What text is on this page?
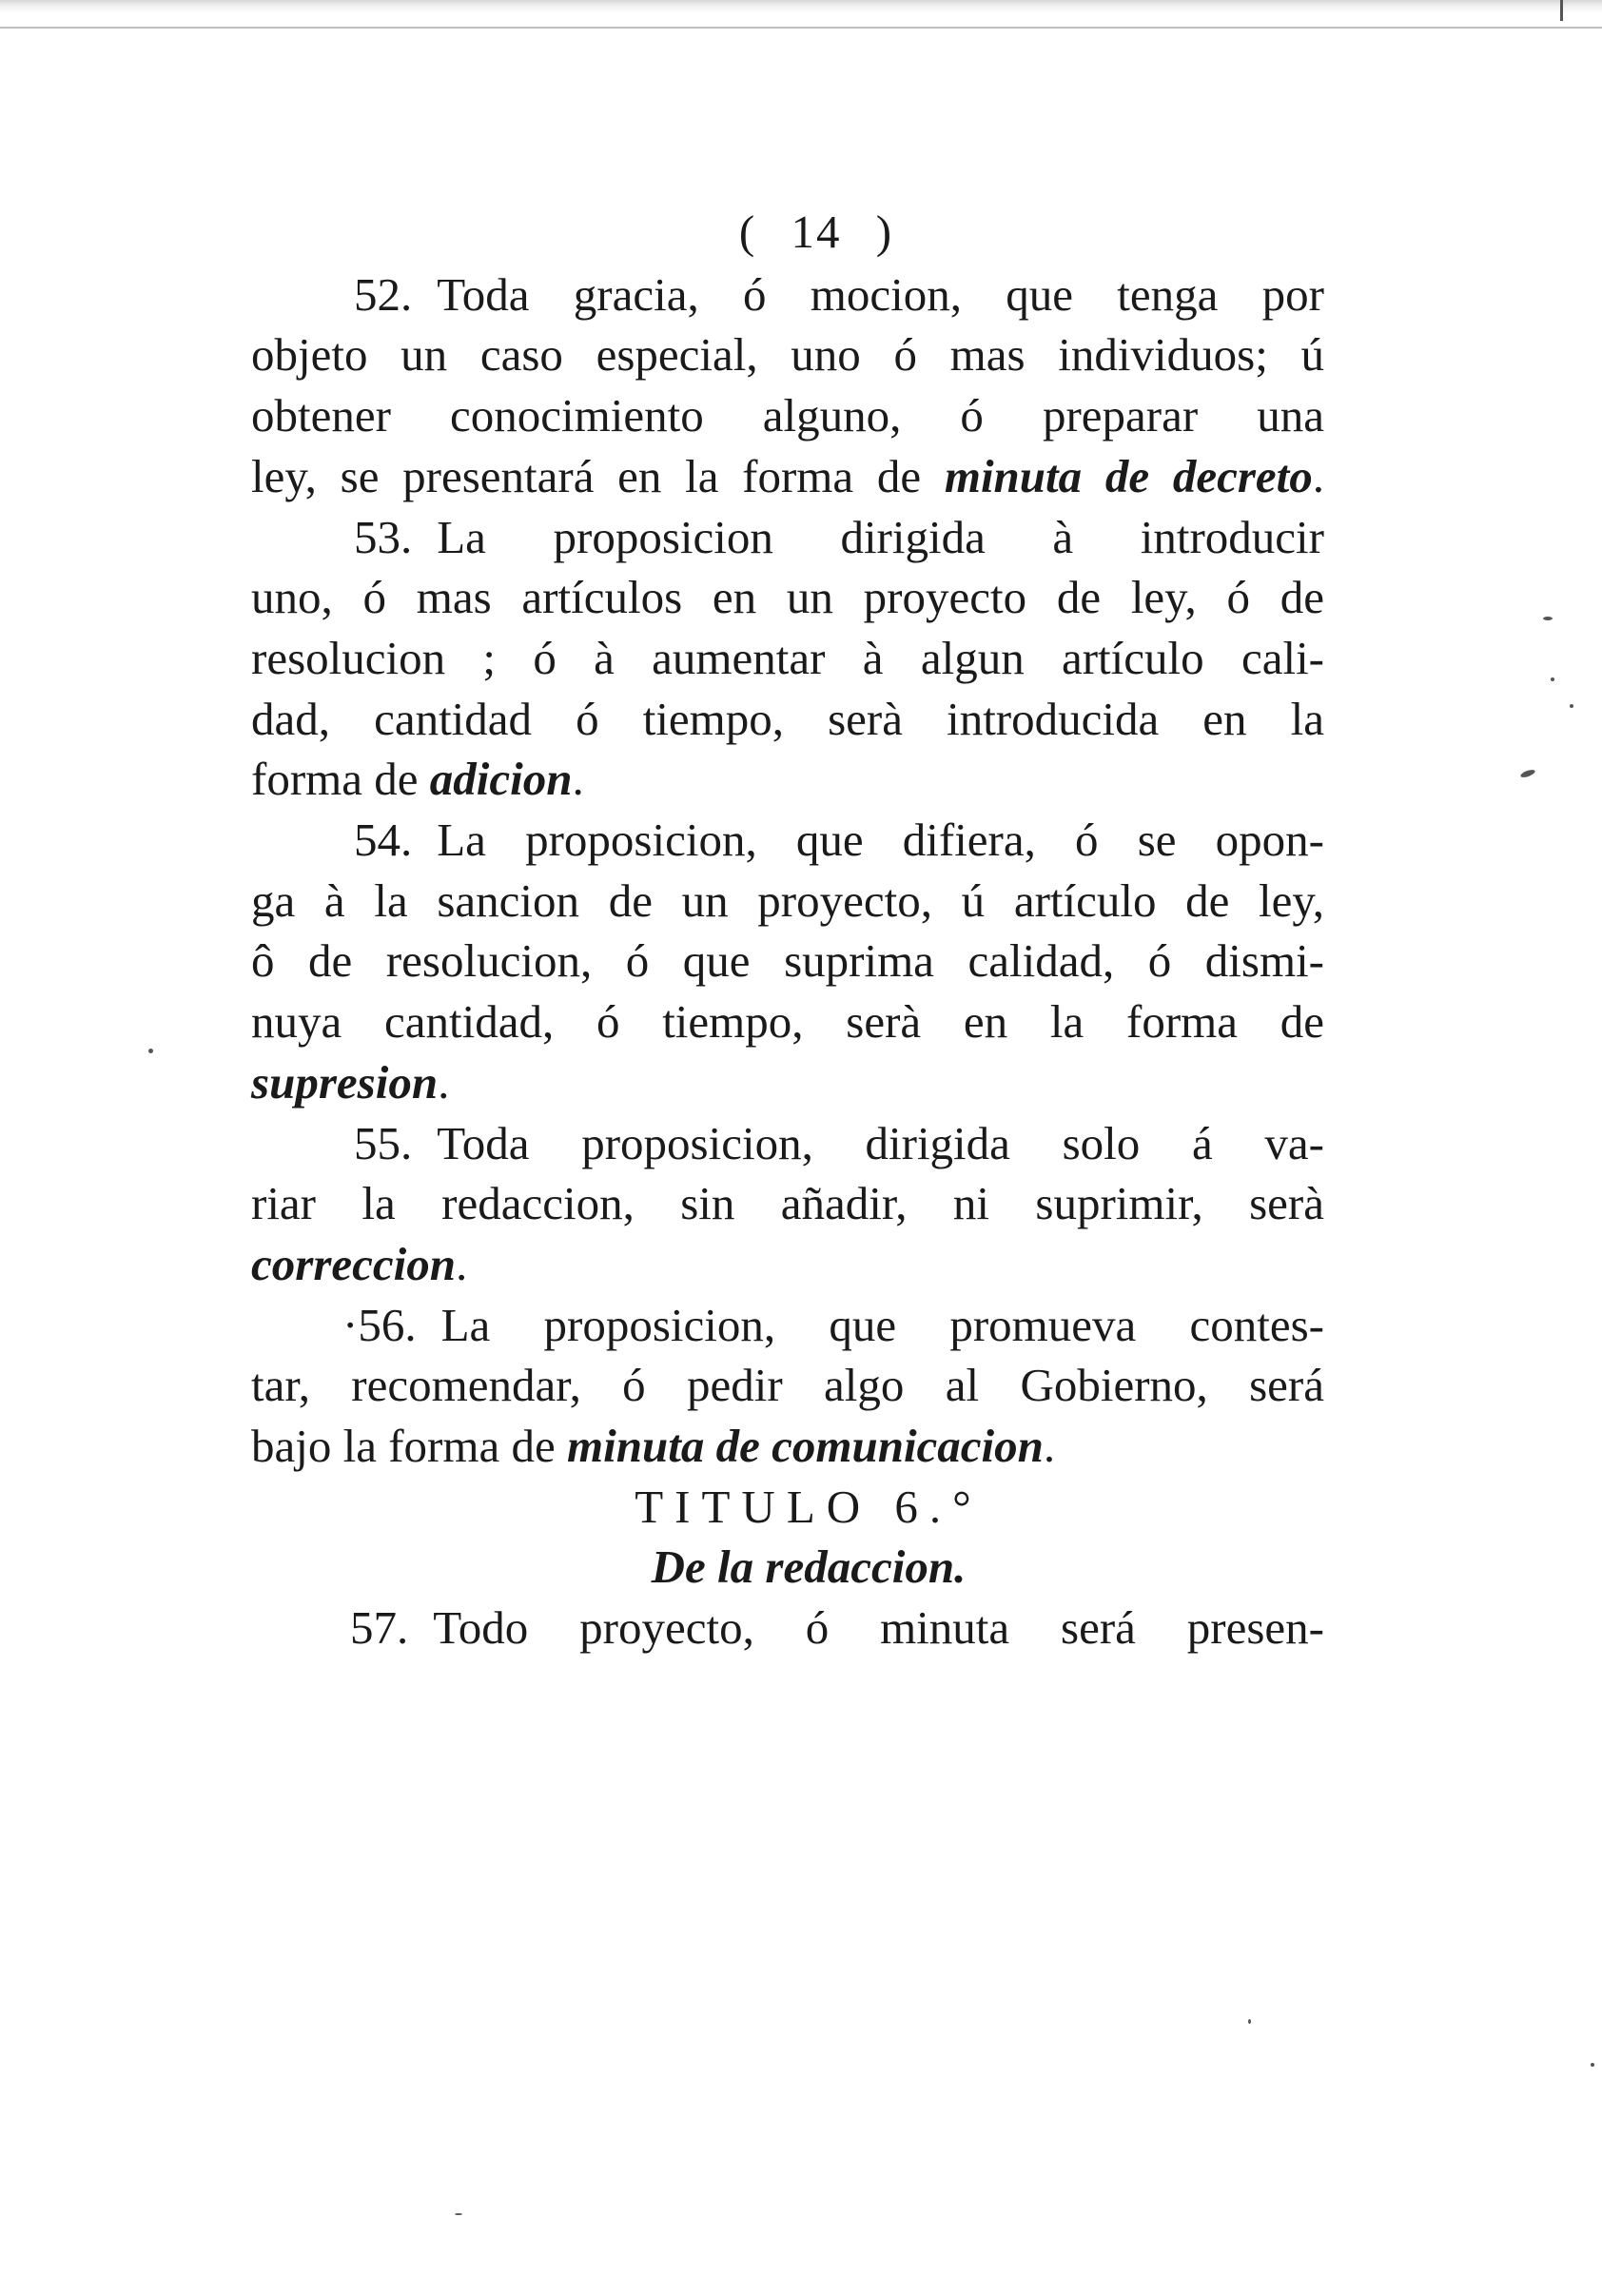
( 14 )

52. Toda gracia, ó mocion, que tenga por

objeto un caso especial, uno ó mas individuos; ú

obtener conocimiento alguno, ó preparar una

ley, se presentará en la forma de minuta de decreto.

53. La proposicion dirigida à introducir

uno, ó mas artículos en un proyecto de ley, ó de

resolucion ; ó à aumentar à algun artículo cali-

dad, cantidad ó tiempo, serà introducida en la

forma de adicion.

54. La proposicion, que difiera, ó se opon-

ga à la sancion de un proyecto, ú artículo de ley,

ô de resolucion, ó que suprima calidad, ó dismi-

nuya cantidad, ó tiempo, serà en la forma de

supresion.

55. Toda proposicion, dirigida solo á va-

riar la redaccion, sin añadir, ni suprimir, serà

correccion.

·56. La proposicion, que promueva contes-

tar, recomendar, ó pedir algo al Gobierno, será

bajo la forma de minuta de comunicacion.

TITULO 6.°

De la redaccion.

57. Todo proyecto, ó minuta será presen-
